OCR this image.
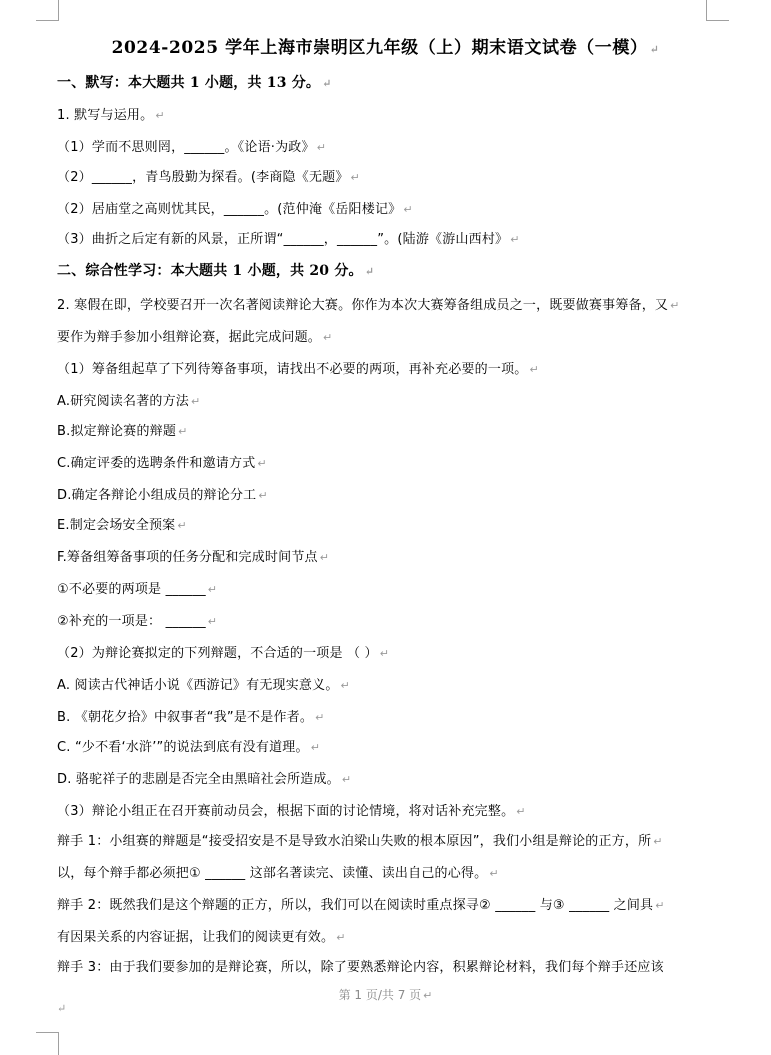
2024-2025 学年上海市崇明区九年级（上）期末语文试卷（一模） ↵
一、默写：本大题共 1 小题，共 13 分。 ↵
1. 默写与运用。 ↵
（1）学而不思则罔，______。《论语·为政》 ↵
（2）______，青鸟殷勤为探看。(李商隐《无题》 ↵
（2）居庙堂之高则忧其民，______。(范仲淹《岳阳楼记》 ↵
（3）曲折之后定有新的风景，正所谓“______，______”。(陆游《游山西村》 ↵
二、综合性学习：本大题共 1 小题，共 20 分。 ↵
2. 寒假在即，学校要召开一次名著阅读辩论大赛。你作为本次大赛筹备组成员之一，既要做赛事筹备，又 ↵
要作为辩手参加小组辩论赛，据此完成问题。 ↵
（1）筹备组起草了下列待筹备事项，请找出不必要的两项，再补充必要的一项。 ↵
A.研究阅读名著的方法 ↵
B.拟定辩论赛的辩题 ↵
C.确定评委的选聘条件和邀请方式 ↵
D.确定各辩论小组成员的辩论分工 ↵
E.制定会场安全预案 ↵
F.筹备组筹备事项的任务分配和完成时间节点 ↵
①不必要的两项是 ______ ↵
②补充的一项是： ______ ↵
（2）为辩论赛拟定的下列辩题，不合适的一项是 （ ） ↵
A. 阅读古代神话小说《西游记》有无现实意义。 ↵
B. 《朝花夕拾》中叙事者“我”是不是作者。 ↵
C. “少不看‘水浒’”的说法到底有没有道理。 ↵
D. 骆驼祥子的悲剧是否完全由黑暗社会所造成。 ↵
（3）辩论小组正在召开赛前动员会，根据下面的讨论情境，将对话补充完整。 ↵
辩手 1：小组赛的辩题是“接受招安是不是导致水泊梁山失败的根本原因”，我们小组是辩论的正方，所 ↵
以，每个辩手都必须把① ______ 这部名著读完、读懂、读出自己的心得。 ↵
辩手 2：既然我们是这个辩题的正方，所以，我们可以在阅读时重点探寻② ______ 与③ ______ 之间具 ↵
有因果关系的内容证据，让我们的阅读更有效。 ↵
辩手 3：由于我们要参加的是辩论赛，所以，除了要熟悉辩论内容，积累辩论材料，我们每个辩手还应该
第 1 页/共 7 页 ↵
↵
